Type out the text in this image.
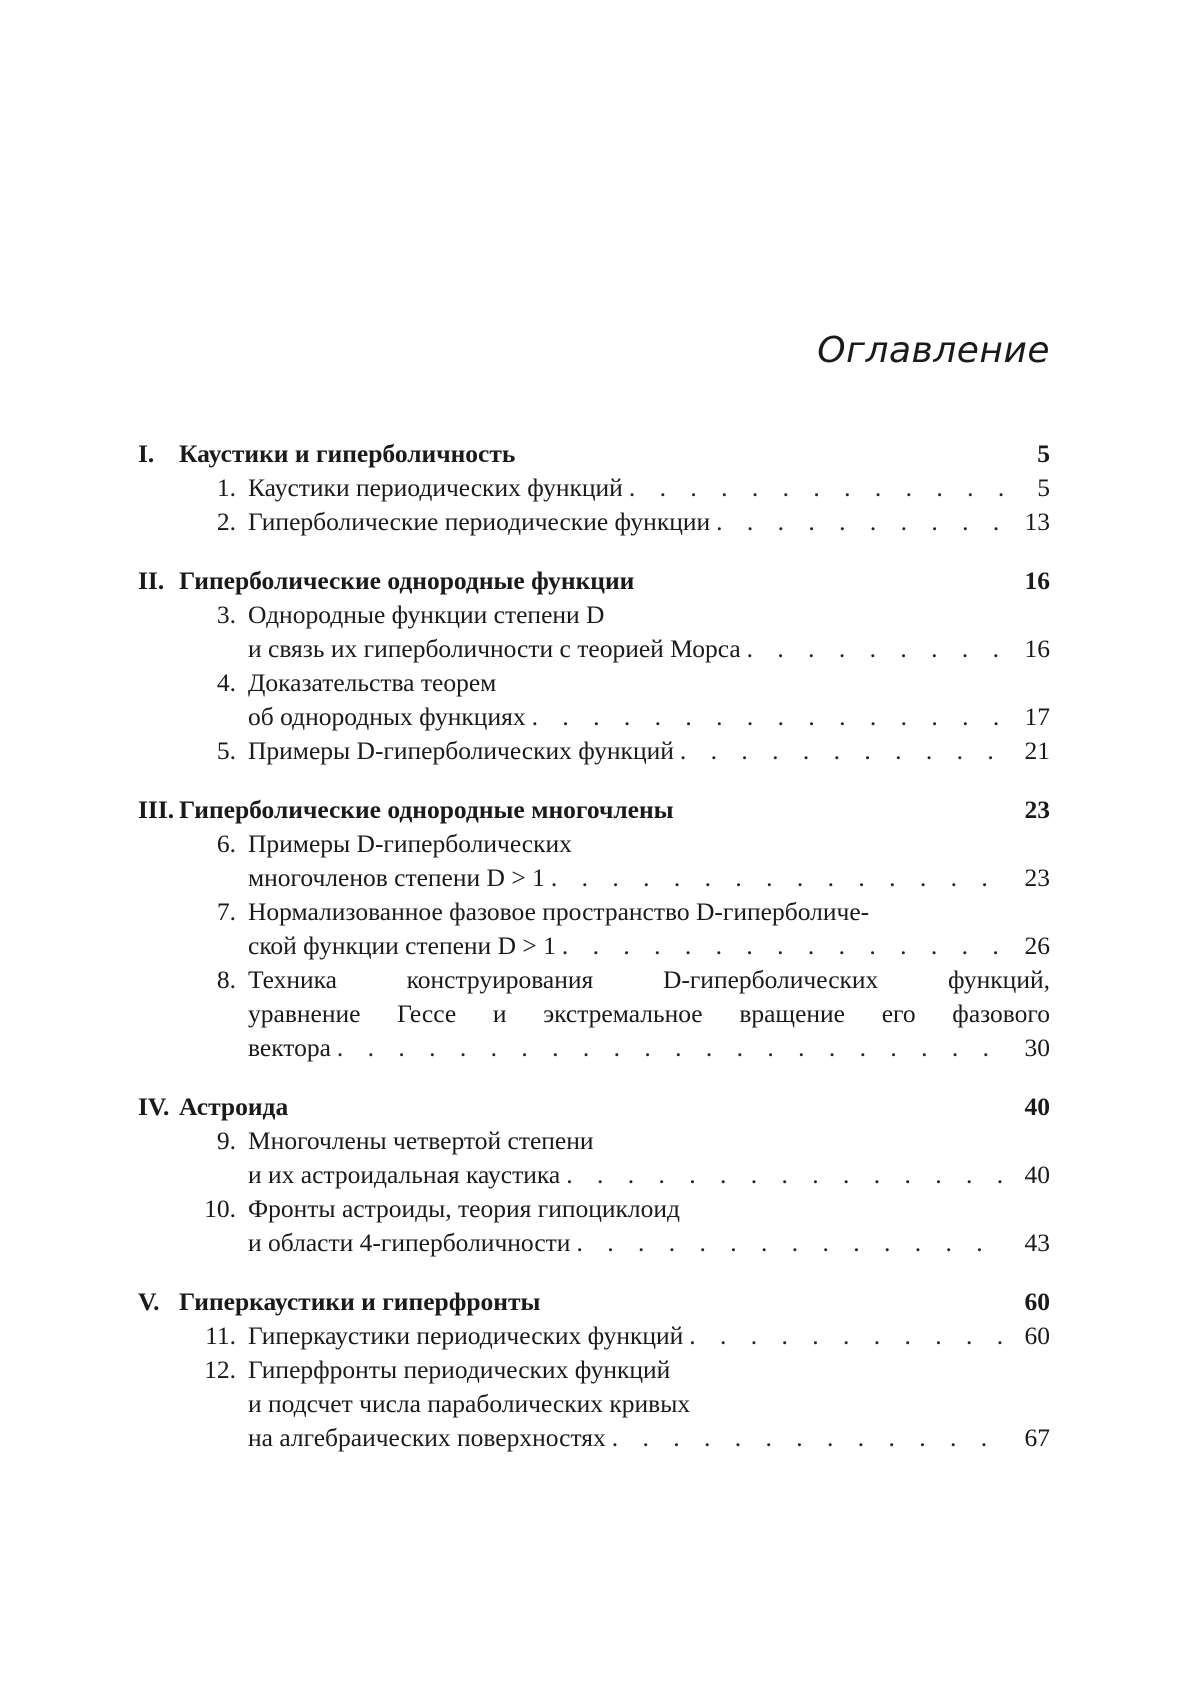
Оглавление
I. Каустики и гиперболичность	5
1. Каустики периодических функций . . .	5
2. Гиперболические периодические функции . . .	13
II. Гиперболические однородные функции	16
3. Однородные функции степени D
и связь их гиперболичности с теорией Морса . . .	16
4. Доказательства теорем
об однородных функциях . . .	17
5. Примеры D-гиперболических функций . . .	21
III. Гиперболические однородные многочлены	23
6. Примеры D-гиперболических
многочленов степени D > 1 . . .	23
7. Нормализованное фазовое пространство D-гиперболиче-
ской функции степени D > 1 . . .	26
8. Техника конструирования D-гиперболических функций,
уравнение Гессе и экстремальное вращение его фазового
вектора . . .	30
IV. Астроида	40
9. Многочлены четвертой степени
и их астроидальная каустика . . .	40
10. Фронты астроиды, теория гипоциклоид
и области 4-гиперболичности . . .	43
V. Гиперкаустики и гиперфронты	60
11. Гиперкаустики периодических функций . . .	60
12. Гиперфронты периодических функций
и подсчет числа параболических кривых
на алгебраических поверхностях . . .	67
